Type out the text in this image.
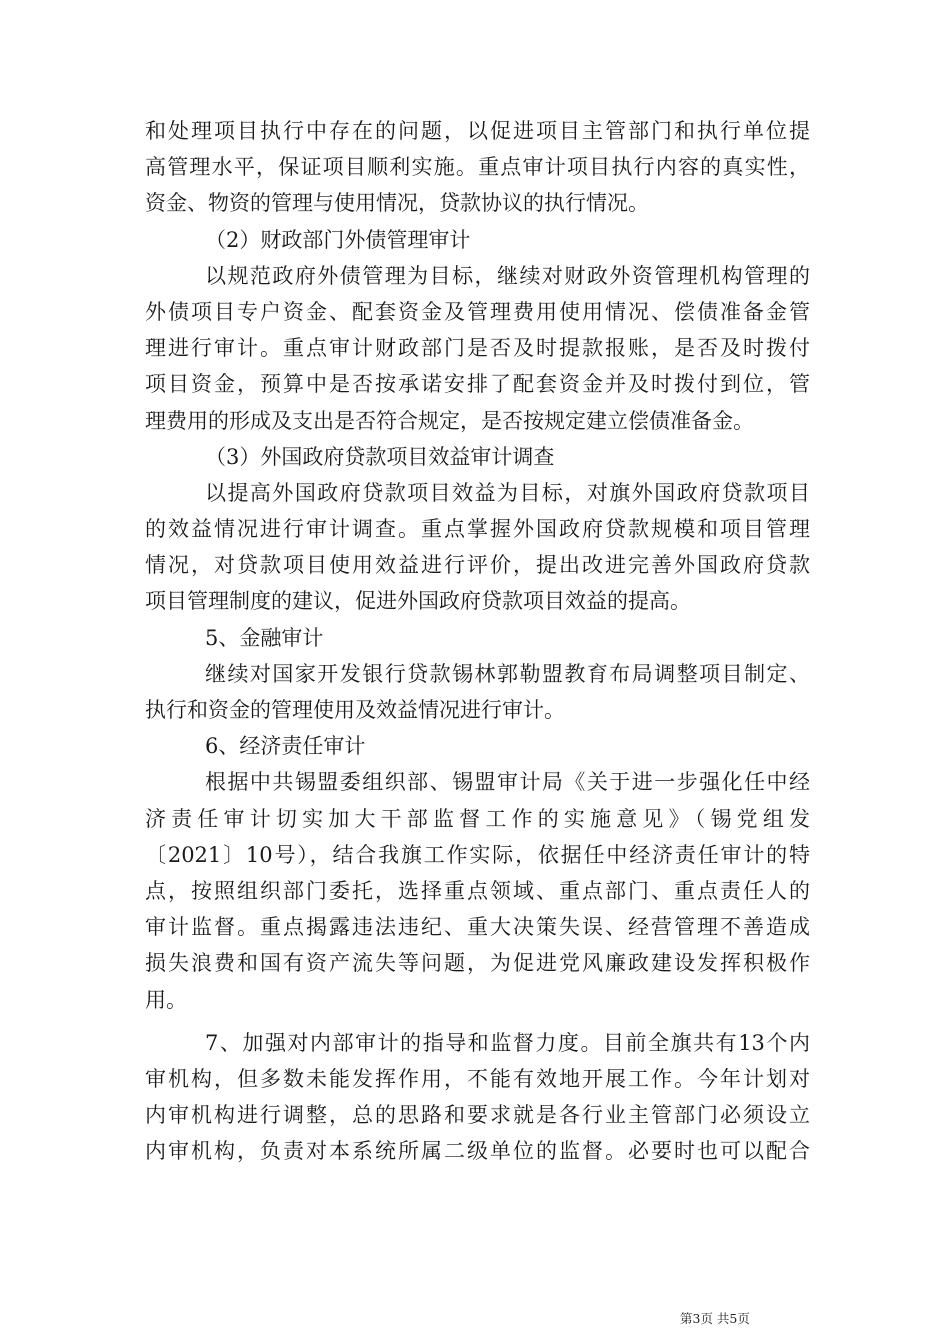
和处理项目执行中存在的问题，以促进项目主管部门和执行单位提
高管理水平，保证项目顺利实施。重点审计项目执行内容的真实性，
资金、物资的管理与使用情况，贷款协议的执行情况。
（2）财政部门外债管理审计
以规范政府外债管理为目标，继续对财政外资管理机构管理的
外债项目专户资金、配套资金及管理费用使用情况、偿债准备金管
理进行审计。重点审计财政部门是否及时提款报账，是否及时拨付
项目资金，预算中是否按承诺安排了配套资金并及时拨付到位，管
理费用的形成及支出是否符合规定，是否按规定建立偿债准备金。
（3）外国政府贷款项目效益审计调查
以提高外国政府贷款项目效益为目标，对旗外国政府贷款项目
的效益情况进行审计调查。重点掌握外国政府贷款规模和项目管理
情况，对贷款项目使用效益进行评价，提出改进完善外国政府贷款
项目管理制度的建议，促进外国政府贷款项目效益的提高。
5、金融审计
继续对国家开发银行贷款锡林郭勒盟教育布局调整项目制定、
执行和资金的管理使用及效益情况进行审计。
6、经济责任审计
根据中共锡盟委组织部、锡盟审计局《关于进一步强化任中经
济责任审计切实加大干部监督工作的实施意见》（锡党组发
〔2021〕10号），结合我旗工作实际，依据任中经济责任审计的特
点，按照组织部门委托，选择重点领域、重点部门、重点责任人的
审计监督。重点揭露违法违纪、重大决策失误、经营管理不善造成
损失浪费和国有资产流失等问题，为促进党风廉政建设发挥积极作
用。
7、加强对内部审计的指导和监督力度。目前全旗共有13个内
审机构，但多数未能发挥作用，不能有效地开展工作。今年计划对
内审机构进行调整，总的思路和要求就是各行业主管部门必须设立
内审机构，负责对本系统所属二级单位的监督。必要时也可以配合
第3页 共5页
